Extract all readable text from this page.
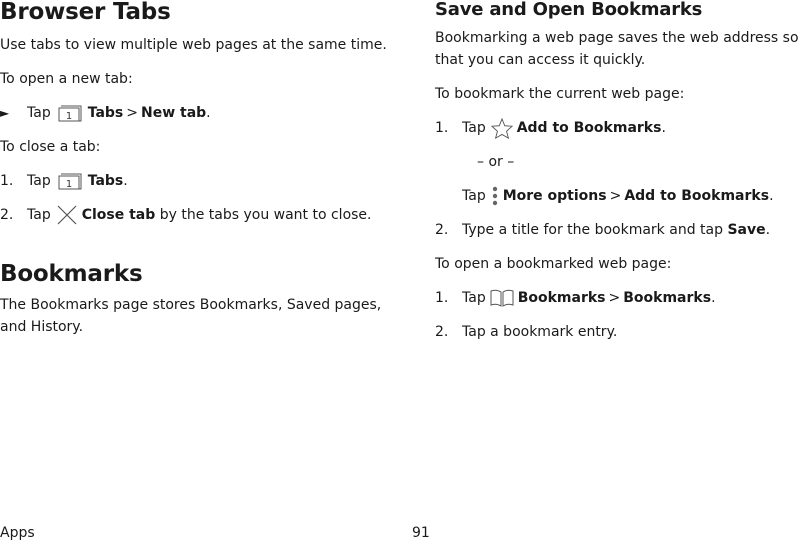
Browser Tabs

Use tabs to view multiple web pages at the same time.

To open a new tab:

►	Tap 1 Tabs > New tab .

To close a tab:

1. Tap 1 Tabs .
2. Tap Close tab by the tabs you want to close.
Bookmarks

The Bookmarks page stores Bookmarks, Saved pages, and History.

Save and Open Bookmarks

Bookmarking a web page saves the web address so that you can access it quickly.

To bookmark the current web page:

1. Tap Add to Bookmarks .

– or –

Tap More options > Add to Bookmarks .
2. Type a title for the bookmark and tap Save .

To open a bookmarked web page:

1. Tap Bookmarks > Bookmarks .
2. Tap a bookmark entry.
Apps	91
